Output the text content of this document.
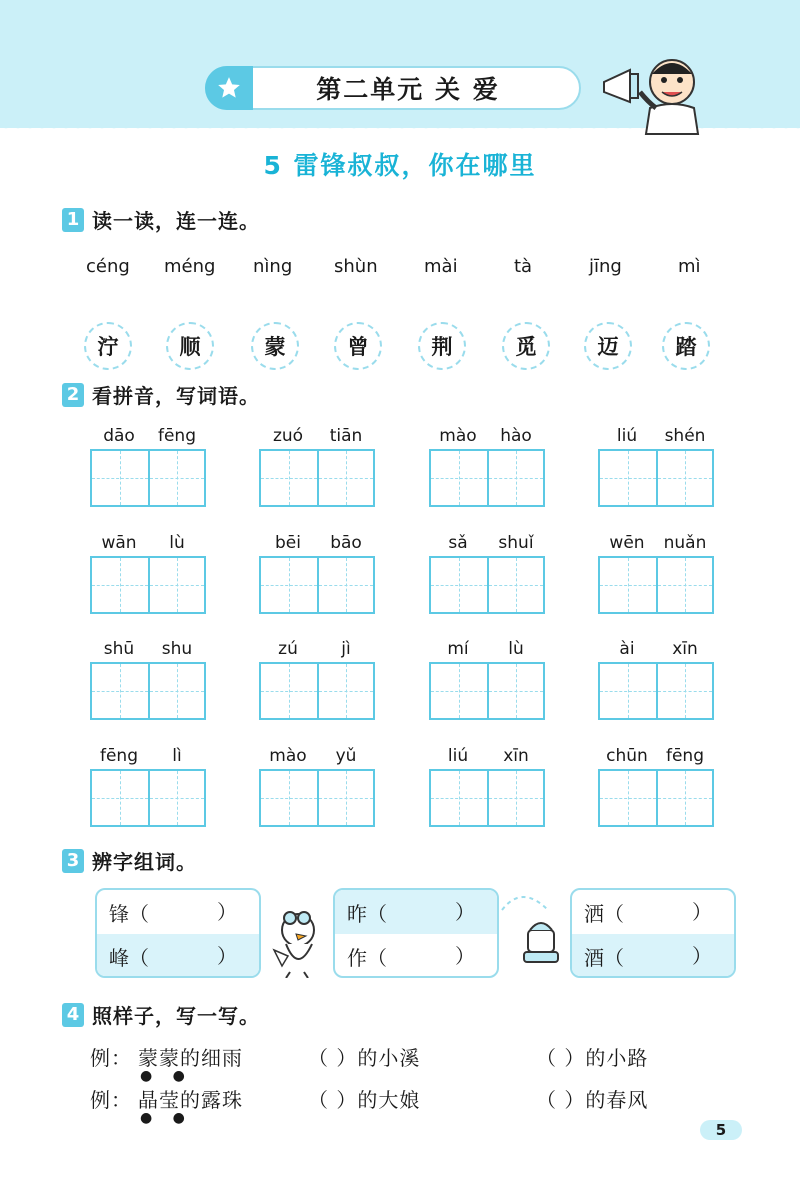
第二单元 关 爱
5 雷锋叔叔，你在哪里
1 读一读，连一连。
céng méng nìng shùn	mài	tà	jīng	mì
泞	顺	蒙	曾	荆	觅	迈	踏
2 看拼音，写词语。
dāo	fēng	zuó	tiān	mào	hào	liú	shén
wān	lù	bēi	bāo	sǎ	shuǐ	wēn	nuǎn
shū	shu	zú	jì	mí	lù	ài	xīn
fēng	lì	mào	yǔ	liú	xīn	chūn	fēng
3 辨字组词。
锋 （	）
峰 （	）
昨 （	）
作 （	）
洒 （	）
酒 （	）
4 照样子，写一写。
例： 蒙蒙的细雨
● ●
（ ）的小溪	（ ）的小路
例： 晶莹的露珠
● ●
（ ）的大娘	（ ）的春风
5
